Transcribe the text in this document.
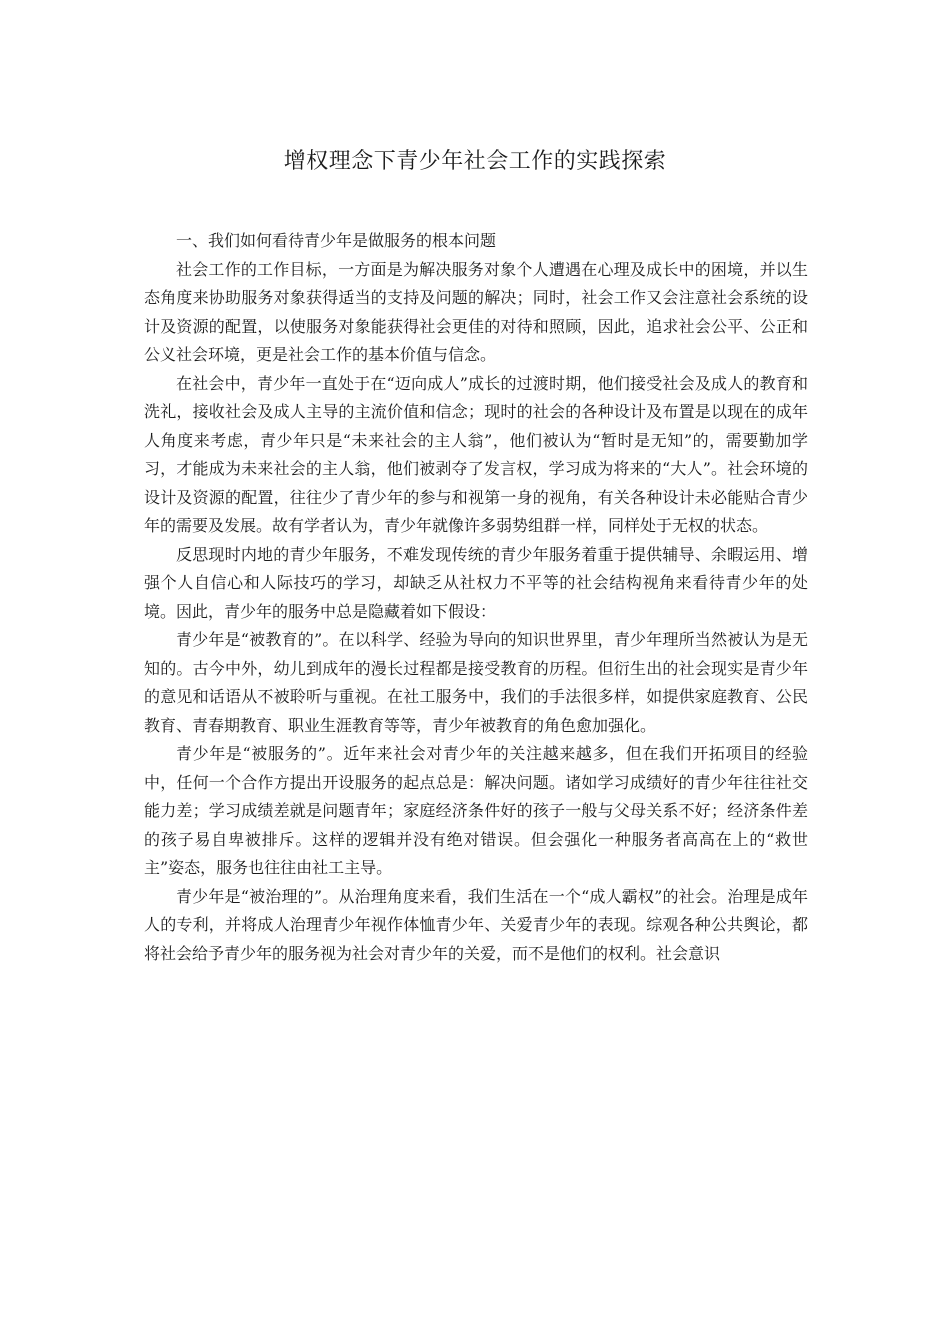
增权理念下青少年社会工作的实践探索

一、我们如何看待青少年是做服务的根本问题

社会工作的工作目标，一方面是为解决服务对象个人遭遇在心理及成长中的困境，并以生态角度来协助服务对象获得适当的支持及问题的解决；同时，社会工作又会注意社会系统的设计及资源的配置，以使服务对象能获得社会更佳的对待和照顾，因此，追求社会公平、公正和公义社会环境，更是社会工作的基本价值与信念。

在社会中，青少年一直处于在“迈向成人”成长的过渡时期，他们接受社会及成人的教育和洗礼，接收社会及成人主导的主流价值和信念；现时的社会的各种设计及布置是以现在的成年人角度来考虑，青少年只是“未来社会的主人翁”，他们被认为“暂时是无知”的，需要勤加学习，才能成为未来社会的主人翁，他们被剥夺了发言权，学习成为将来的“大人”。社会环境的设计及资源的配置，往往少了青少年的参与和视第一身的视角，有关各种设计未必能贴合青少年的需要及发展。故有学者认为，青少年就像许多弱势组群一样，同样处于无权的状态。

反思现时内地的青少年服务，不难发现传统的青少年服务着重于提供辅导、余暇运用、增强个人自信心和人际技巧的学习，却缺乏从社权力不平等的社会结构视角来看待青少年的处境。因此，青少年的服务中总是隐藏着如下假设：

青少年是“被教育的”。在以科学、经验为导向的知识世界里，青少年理所当然被认为是无知的。古今中外，幼儿到成年的漫长过程都是接受教育的历程。但衍生出的社会现实是青少年的意见和话语从不被聆听与重视。在社工服务中，我们的手法很多样，如提供家庭教育、公民教育、青春期教育、职业生涯教育等等，青少年被教育的角色愈加强化。

青少年是“被服务的”。近年来社会对青少年的关注越来越多，但在我们开拓项目的经验中，任何一个合作方提出开设服务的起点总是：解决问题。诸如学习成绩好的青少年往往社交能力差；学习成绩差就是问题青年；家庭经济条件好的孩子一般与父母关系不好；经济条件差的孩子易自卑被排斥。这样的逻辑并没有绝对错误。但会强化一种服务者高高在上的“救世主”姿态，服务也往往由社工主导。

青少年是“被治理的”。从治理角度来看，我们生活在一个“成人霸权”的社会。治理是成年人的专利，并将成人治理青少年视作体恤青少年、关爱青少年的表现。综观各种公共舆论，都将社会给予青少年的服务视为社会对青少年的关爱，而不是他们的权利。社会意识
